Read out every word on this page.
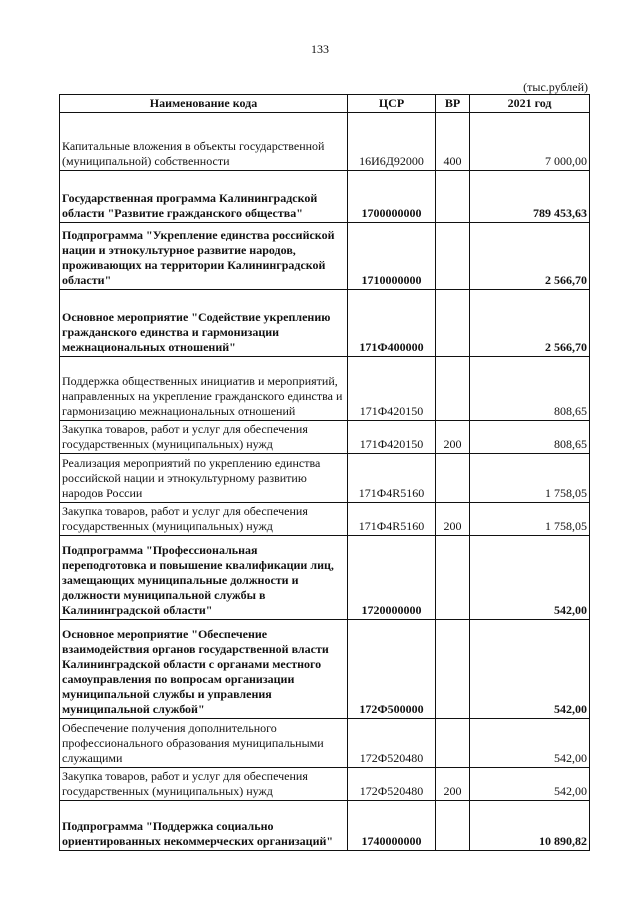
133
(тыс.рублей)
Наименование кода	ЦСР	ВР	2021 год
Капитальные вложения в объекты государственной (муниципальной) собственности	16И6Д92000	400	7 000,00
Государственная программа Калининградской области "Развитие гражданского общества"	1700000000		789 453,63
Подпрограмма "Укрепление единства российской нации и этнокультурное развитие народов, проживающих на территории Калининградской области"	1710000000		2 566,70
Основное мероприятие "Содействие укреплению гражданского единства и гармонизации межнациональных отношений"	171Ф400000		2 566,70
Поддержка общественных инициатив и мероприятий, направленных на укрепление гражданского единства и гармонизацию межнациональных отношений	171Ф420150		808,65
Закупка товаров, работ и услуг для обеспечения государственных (муниципальных) нужд	171Ф420150	200	808,65
Реализация мероприятий по укреплению единства российской нации и этнокультурному развитию народов России	171Ф4R5160		1 758,05
Закупка товаров, работ и услуг для обеспечения государственных (муниципальных) нужд	171Ф4R5160	200	1 758,05
Подпрограмма "Профессиональная переподготовка и повышение квалификации лиц, замещающих муниципальные должности и должности муниципальной службы в Калининградской области"	1720000000		542,00
Основное мероприятие "Обеспечение взаимодействия органов государственной власти Калининградской области с органами местного самоуправления по вопросам организации муниципальной службы и управления муниципальной службой"	172Ф500000		542,00
Обеспечение получения дополнительного профессионального образования муниципальными служащими	172Ф520480		542,00
Закупка товаров, работ и услуг для обеспечения государственных (муниципальных) нужд	172Ф520480	200	542,00
Подпрограмма "Поддержка социально ориентированных некоммерческих организаций"	1740000000		10 890,82
